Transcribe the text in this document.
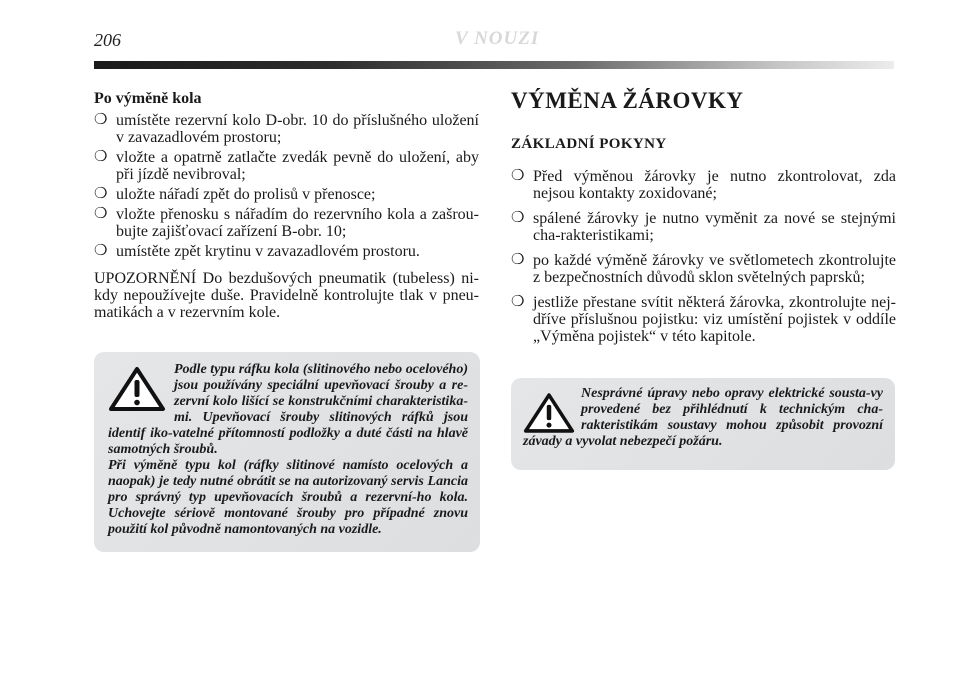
206	V NOUZI
Po výměně kola
❍ umístěte rezervní kolo D-obr. 10 do příslušného uložení v zavazadlovém prostoru;
❍ vložte a opatrně zatlačte zvedák pevně do uložení, aby při jízdě nevibroval;
❍ uložte nářadí zpět do prolisů v přenosce;
❍ vložte přenosku s nářadím do rezervního kola a zašrou-bujte zajišťovací zařízení B-obr. 10;
❍ umístěte zpět krytinu v zavazadlovém prostoru.
UPOZORNĚNÍ Do bezdušových pneumatik (tubeless) ni-kdy nepoužívejte duše. Pravidelně kontrolujte tlak v pneu-matikách a v rezervním kole.
Podle typu ráfku kola (slitinového nebo ocelového) jsou používány speciální upevňovací šrouby a re-zervní kolo lišící se konstrukčními charakteristika-mi. Upevňovací šrouby slitinových ráfků jsou identif iko-vatelné přítomností podložky a duté části na hlavě samotných šroubů.
Při výměně typu kol (ráfky slitinové namísto ocelových a naopak) je tedy nutné obrátit se na autorizovaný servis Lancia pro správný typ upevňovacích šroubů a rezervní-ho kola. Uchovejte sériově montované šrouby pro případné znovu použití kol původně namontovaných na vozidle.
VÝMĚNA ŽÁROVKY
ZÁKLADNÍ POKYNY
❍ Před výměnou žárovky je nutno zkontrolovat, zda nejsou kontakty zoxidované;
❍ spálené žárovky je nutno vyměnit za nové se stejnými cha-rakteristikami;
❍ po každé výměně žárovky ve světlometech zkontrolujte z bezpečnostních důvodů sklon světelných paprsků;
❍ jestliže přestane svítit některá žárovka, zkontrolujte nej-dříve příslušnou pojistku: viz umístění pojistek v oddíle „Výměna pojistek“ v této kapitole.
Nesprávné úpravy nebo opravy elektrické sousta-vy provedené bez přihlédnutí k technickým cha-rakteristikám soustavy mohou způsobit provozní závady a vyvolat nebezpečí požáru.
